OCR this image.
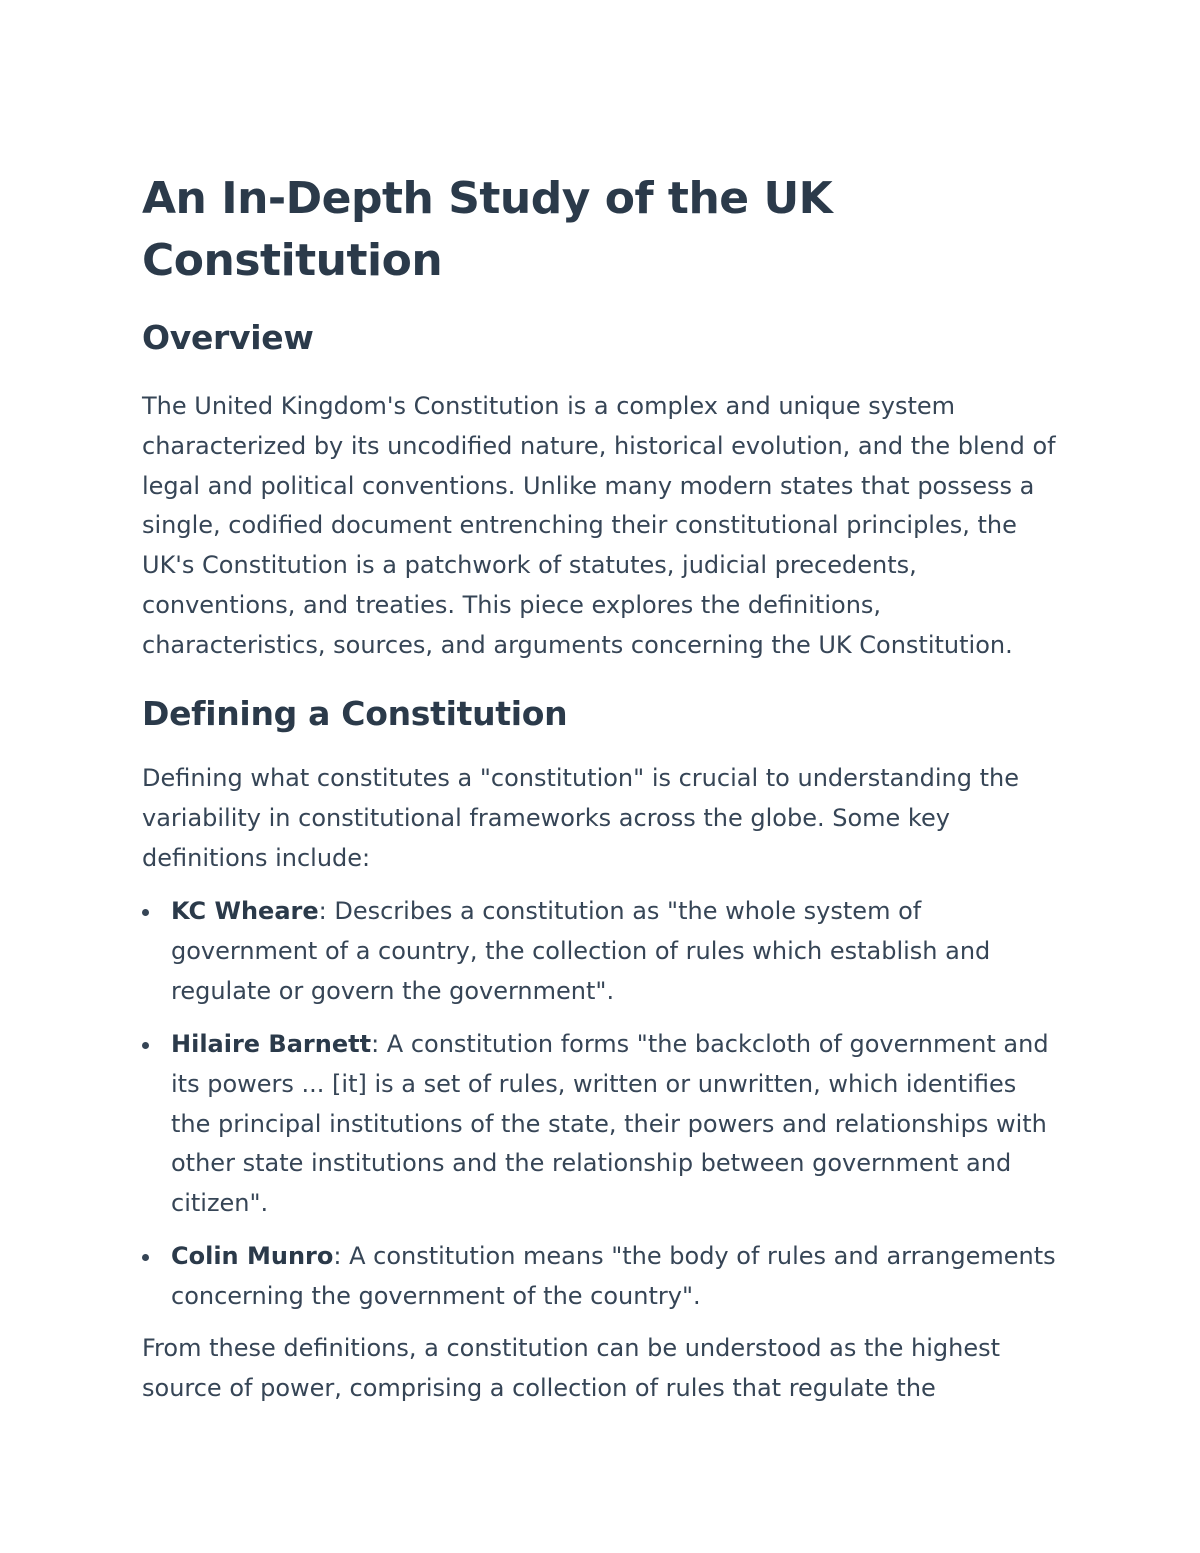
An In-Depth Study of the UK Constitution
Overview

The United Kingdom's Constitution is a complex and unique system characterized by its uncodified nature, historical evolution, and the blend of legal and political conventions. Unlike many modern states that possess a single, codified document entrenching their constitutional principles, the UK's Constitution is a patchwork of statutes, judicial precedents, conventions, and treaties. This piece explores the definitions, characteristics, sources, and arguments concerning the UK Constitution.

Defining a Constitution

Defining what constitutes a "constitution" is crucial to understanding the variability in constitutional frameworks across the globe. Some key definitions include:

KC Wheare: Describes a constitution as "the whole system of government of a country, the collection of rules which establish and regulate or govern the government".
Hilaire Barnett: A constitution forms "the backcloth of government and its powers ... [it] is a set of rules, written or unwritten, which identifies the principal institutions of the state, their powers and relationships with other state institutions and the relationship between government and citizen".
Colin Munro: A constitution means "the body of rules and arrangements concerning the government of the country".

From these definitions, a constitution can be understood as the highest source of power, comprising a collection of rules that regulate the
